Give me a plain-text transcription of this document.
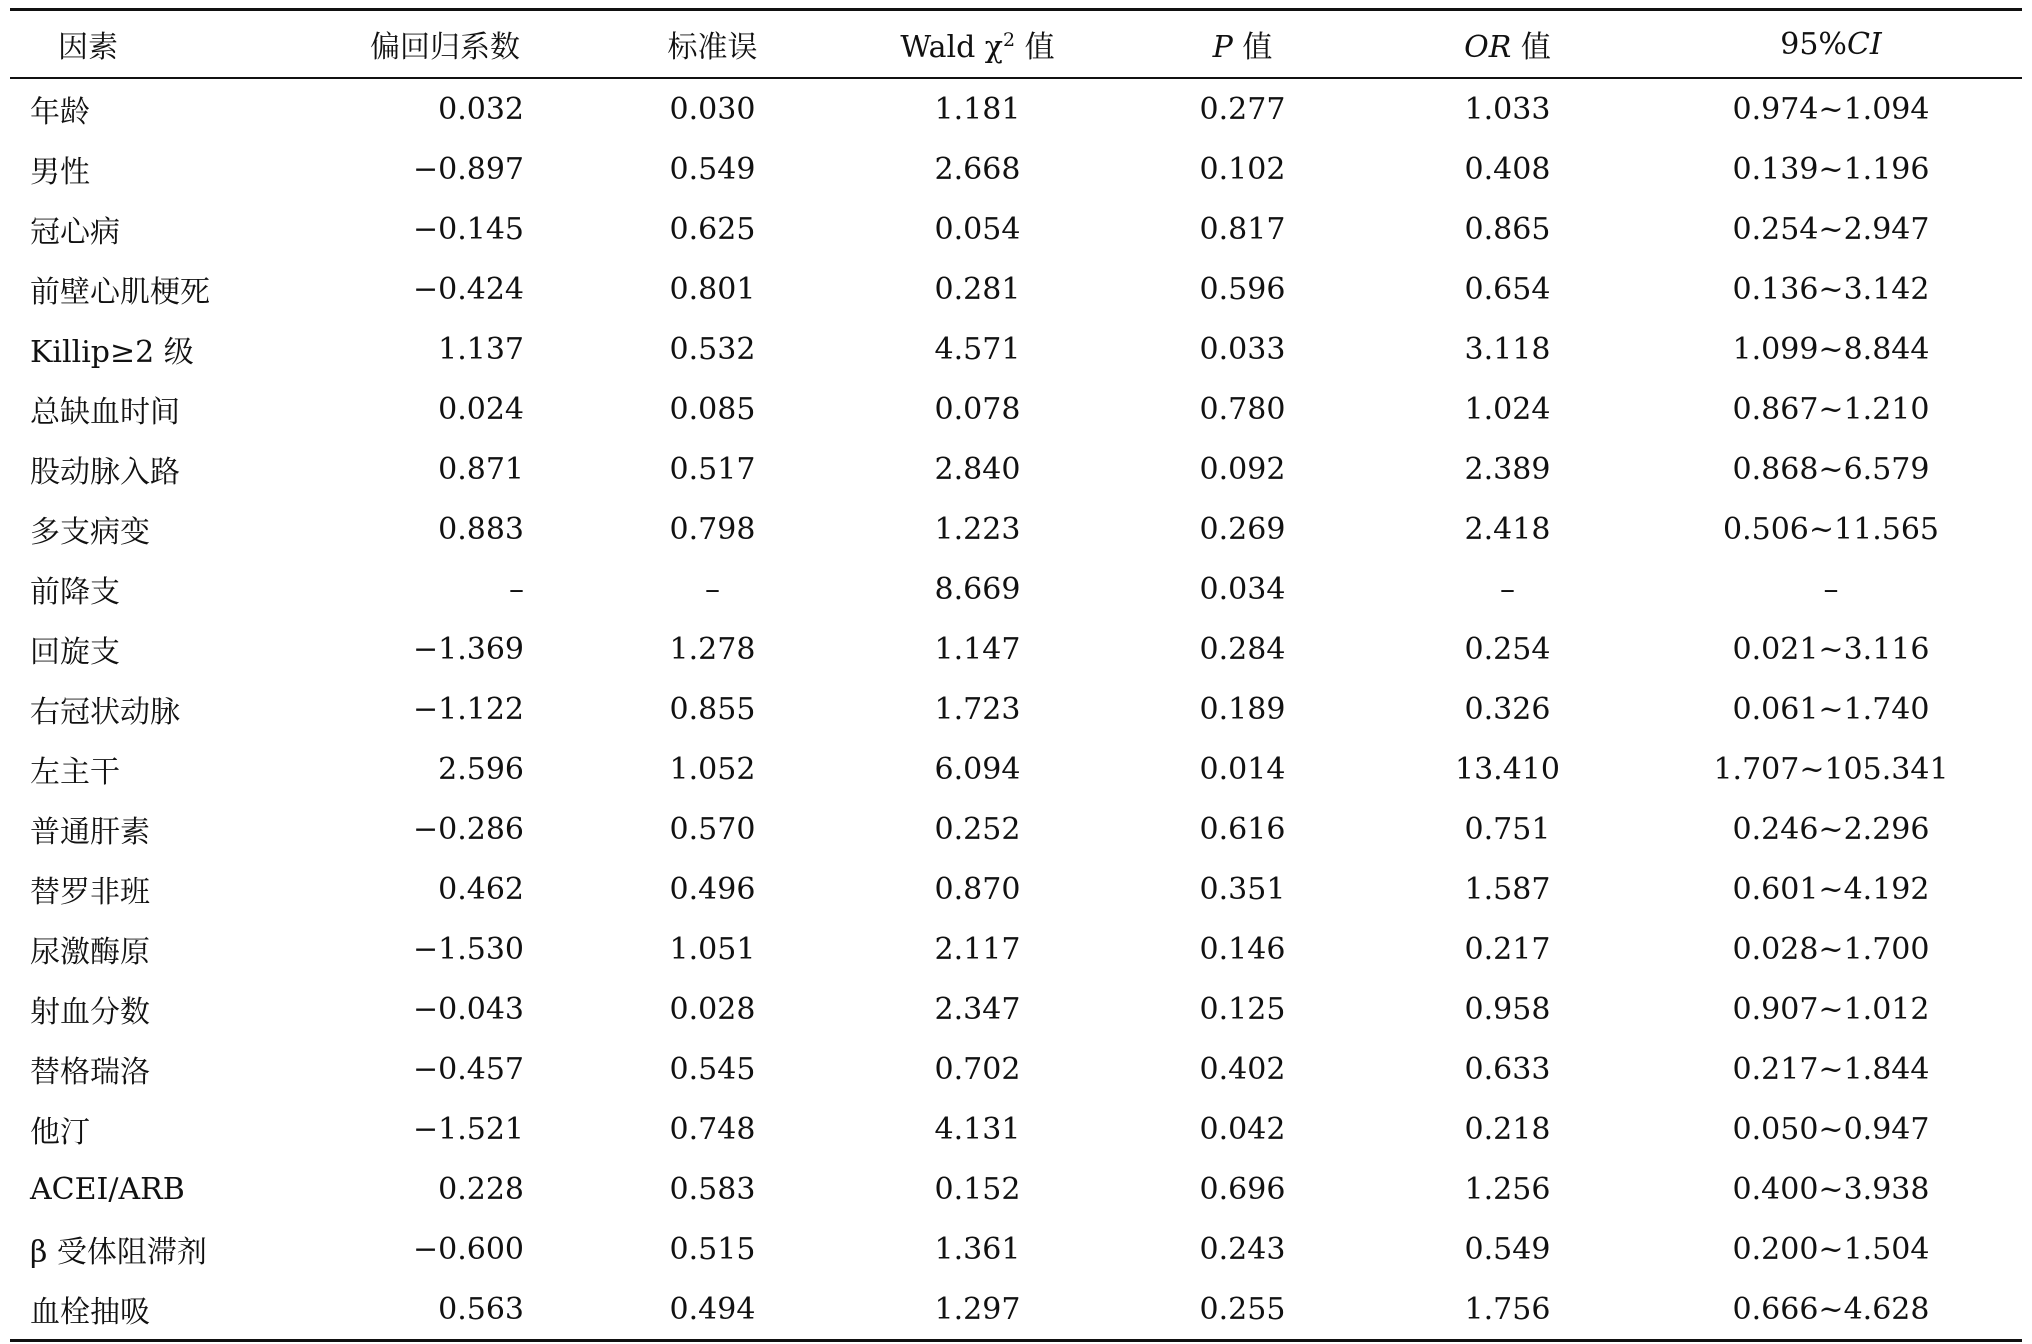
因素	偏回归系数	标准误	Wald $\chi^2$ 值	P 值	OR 值	95%CI
年龄	0.032	0.030	1.181	0.277	1.033	0.974~1.094
男性	−0.897	0.549	2.668	0.102	0.408	0.139~1.196
冠心病	−0.145	0.625	0.054	0.817	0.865	0.254~2.947
前壁心肌梗死	−0.424	0.801	0.281	0.596	0.654	0.136~3.142
Killip≥2 级	1.137	0.532	4.571	0.033	3.118	1.099~8.844
总缺血时间	0.024	0.085	0.078	0.780	1.024	0.867~1.210
股动脉入路	0.871	0.517	2.840	0.092	2.389	0.868~6.579
多支病变	0.883	0.798	1.223	0.269	2.418	0.506~11.565
前降支	–	–	8.669	0.034	–	–
回旋支	−1.369	1.278	1.147	0.284	0.254	0.021~3.116
右冠状动脉	−1.122	0.855	1.723	0.189	0.326	0.061~1.740
左主干	2.596	1.052	6.094	0.014	13.410	1.707~105.341
普通肝素	−0.286	0.570	0.252	0.616	0.751	0.246~2.296
替罗非班	0.462	0.496	0.870	0.351	1.587	0.601~4.192
尿激酶原	−1.530	1.051	2.117	0.146	0.217	0.028~1.700
射血分数	−0.043	0.028	2.347	0.125	0.958	0.907~1.012
替格瑞洛	−0.457	0.545	0.702	0.402	0.633	0.217~1.844
他汀	−1.521	0.748	4.131	0.042	0.218	0.050~0.947
ACEI/ARB	0.228	0.583	0.152	0.696	1.256	0.400~3.938
β 受体阻滞剂	−0.600	0.515	1.361	0.243	0.549	0.200~1.504
血栓抽吸	0.563	0.494	1.297	0.255	1.756	0.666~4.628
